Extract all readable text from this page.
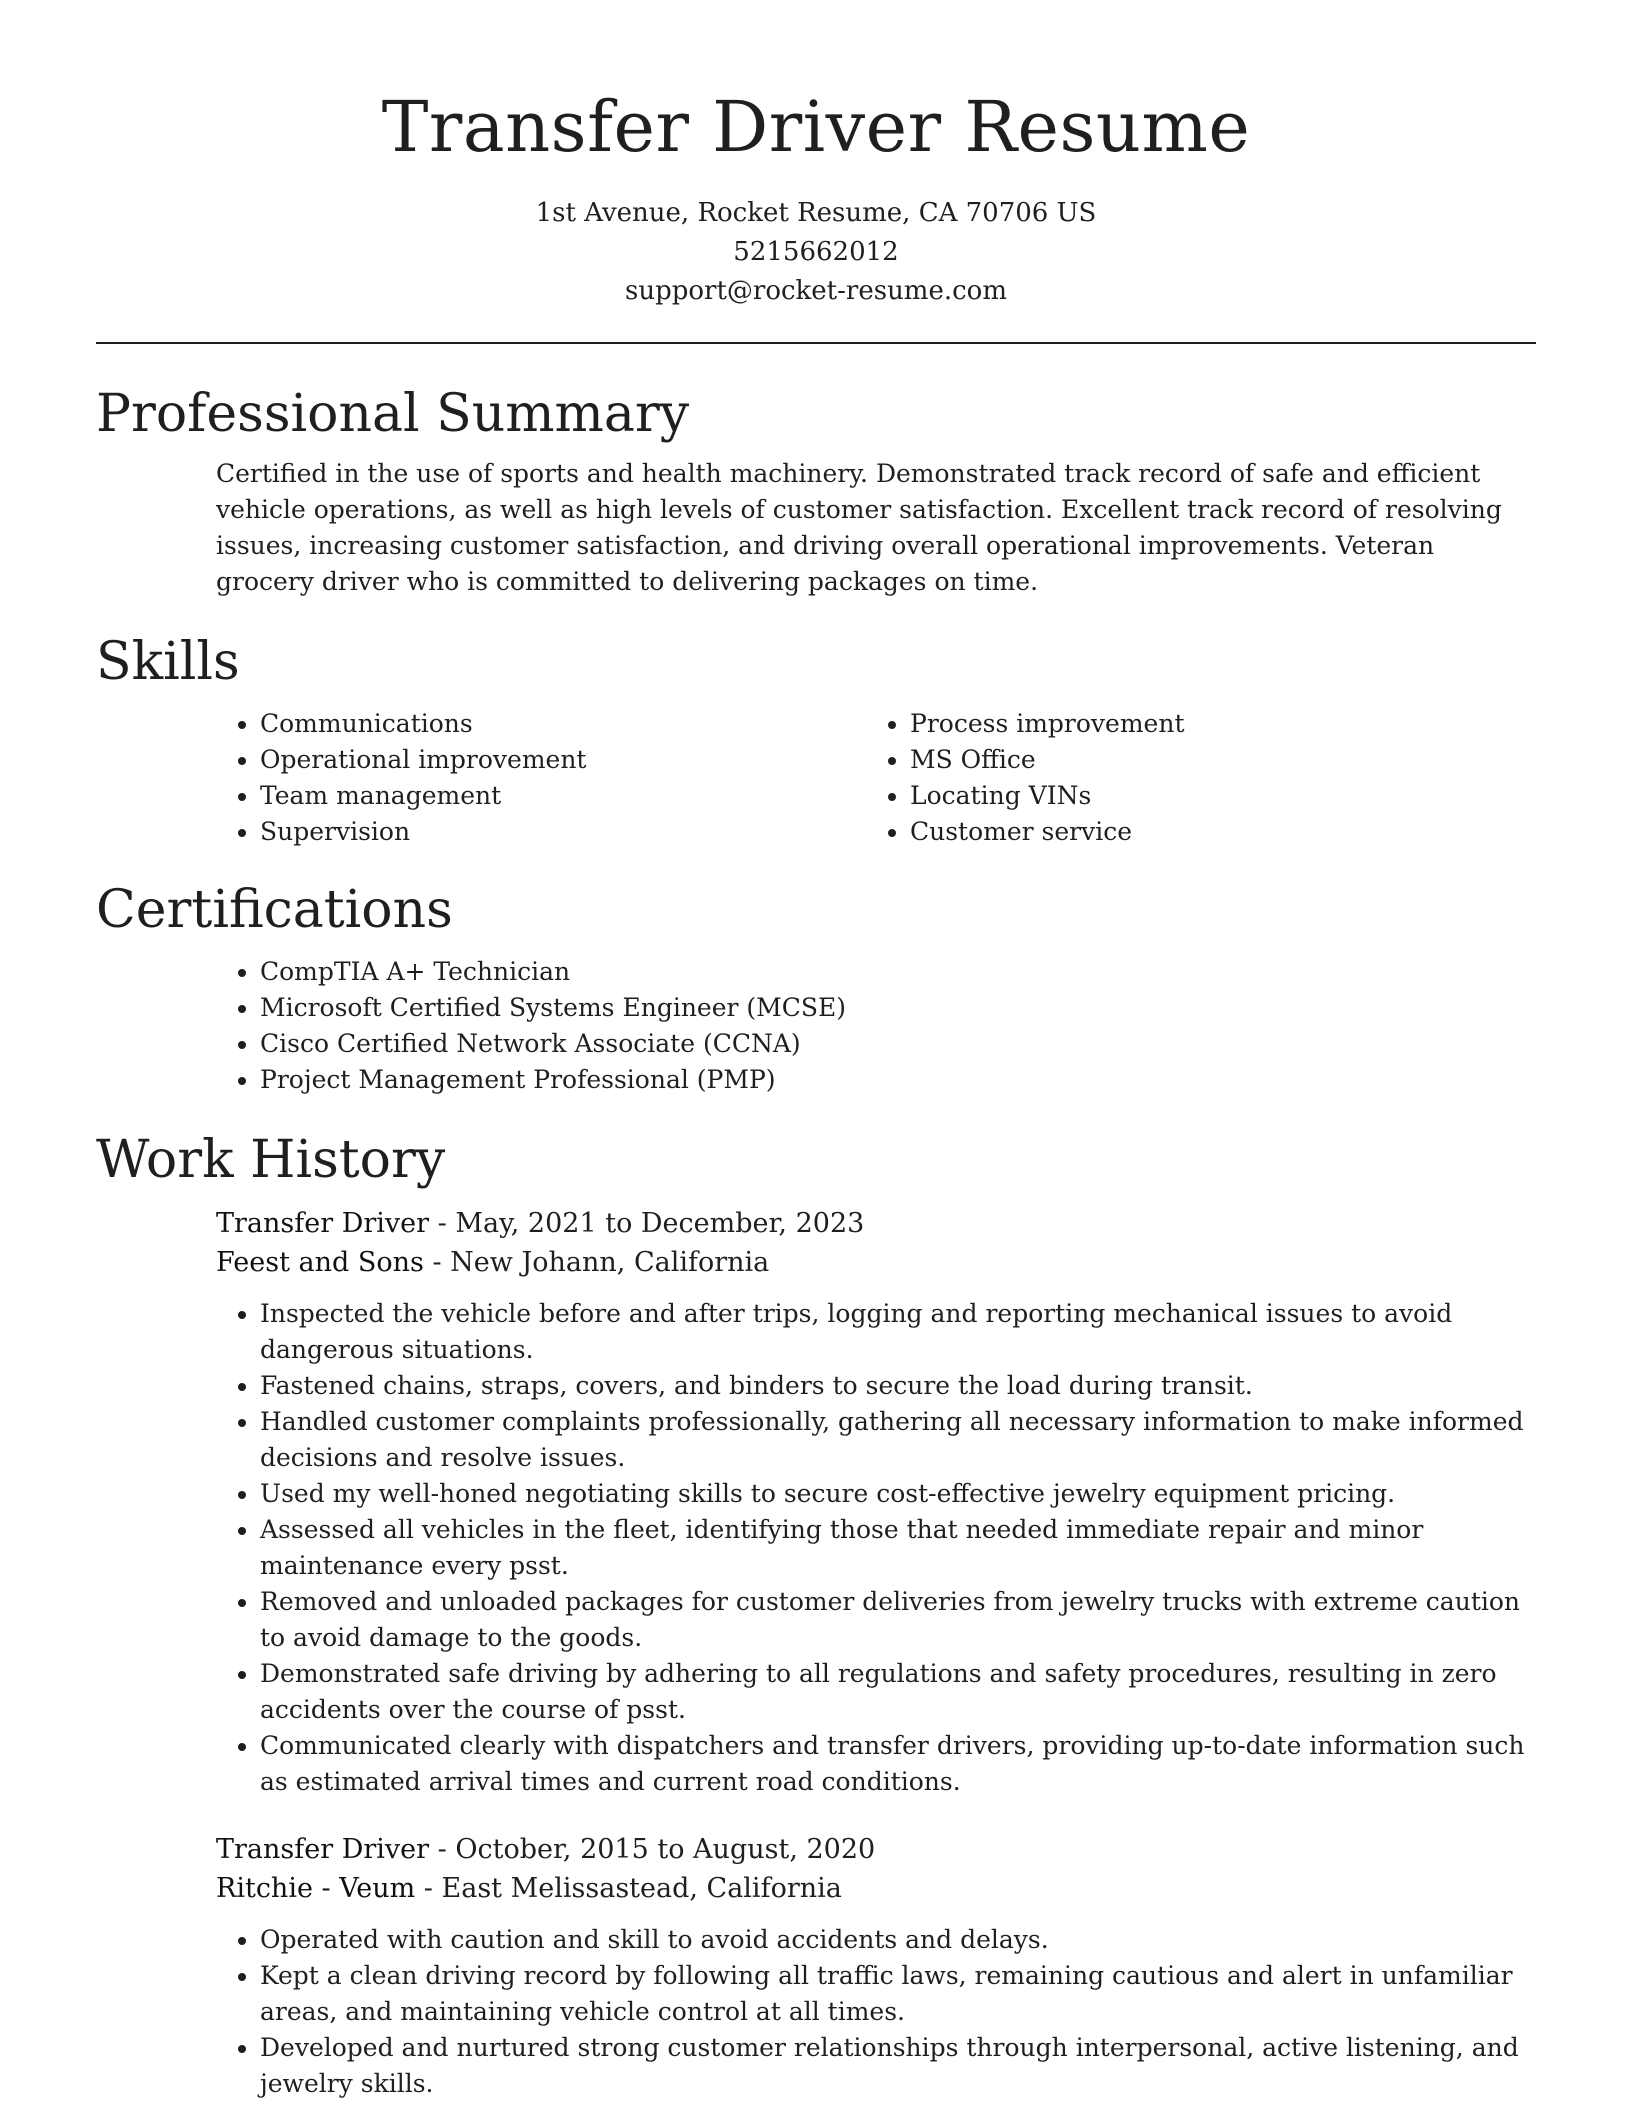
Transfer Driver Resume
1st Avenue, Rocket Resume, CA 70706 US
5215662012
support@rocket-resume.com
Professional Summary

Certified in the use of sports and health machinery. Demonstrated track record of safe and efficient vehicle operations, as well as high levels of customer satisfaction. Excellent track record of resolving issues, increasing customer satisfaction, and driving overall operational improvements. Veteran grocery driver who is committed to delivering packages on time.

Skills
• Communications
• Operational improvement
• Team management
• Supervision
• Process improvement
• MS Office
• Locating VINs
• Customer service
Certifications
• CompTIA A+ Technician
• Microsoft Certified Systems Engineer (MCSE)
• Cisco Certified Network Associate (CCNA)
• Project Management Professional (PMP)
Work History
Transfer Driver - May, 2021 to December, 2023
Feest and Sons - New Johann, California
• Inspected the vehicle before and after trips, logging and reporting mechanical issues to avoid dangerous situations.
• Fastened chains, straps, covers, and binders to secure the load during transit.
• Handled customer complaints professionally, gathering all necessary information to make informed decisions and resolve issues.
• Used my well-honed negotiating skills to secure cost-effective jewelry equipment pricing.
• Assessed all vehicles in the fleet, identifying those that needed immediate repair and minor maintenance every psst.
• Removed and unloaded packages for customer deliveries from jewelry trucks with extreme caution to avoid damage to the goods.
• Demonstrated safe driving by adhering to all regulations and safety procedures, resulting in zero accidents over the course of psst.
• Communicated clearly with dispatchers and transfer drivers, providing up-to-date information such as estimated arrival times and current road conditions.
Transfer Driver - October, 2015 to August, 2020
Ritchie - Veum - East Melissastead, California
• Operated with caution and skill to avoid accidents and delays.
• Kept a clean driving record by following all traffic laws, remaining cautious and alert in unfamiliar areas, and maintaining vehicle control at all times.
• Developed and nurtured strong customer relationships through interpersonal, active listening, and jewelry skills.
